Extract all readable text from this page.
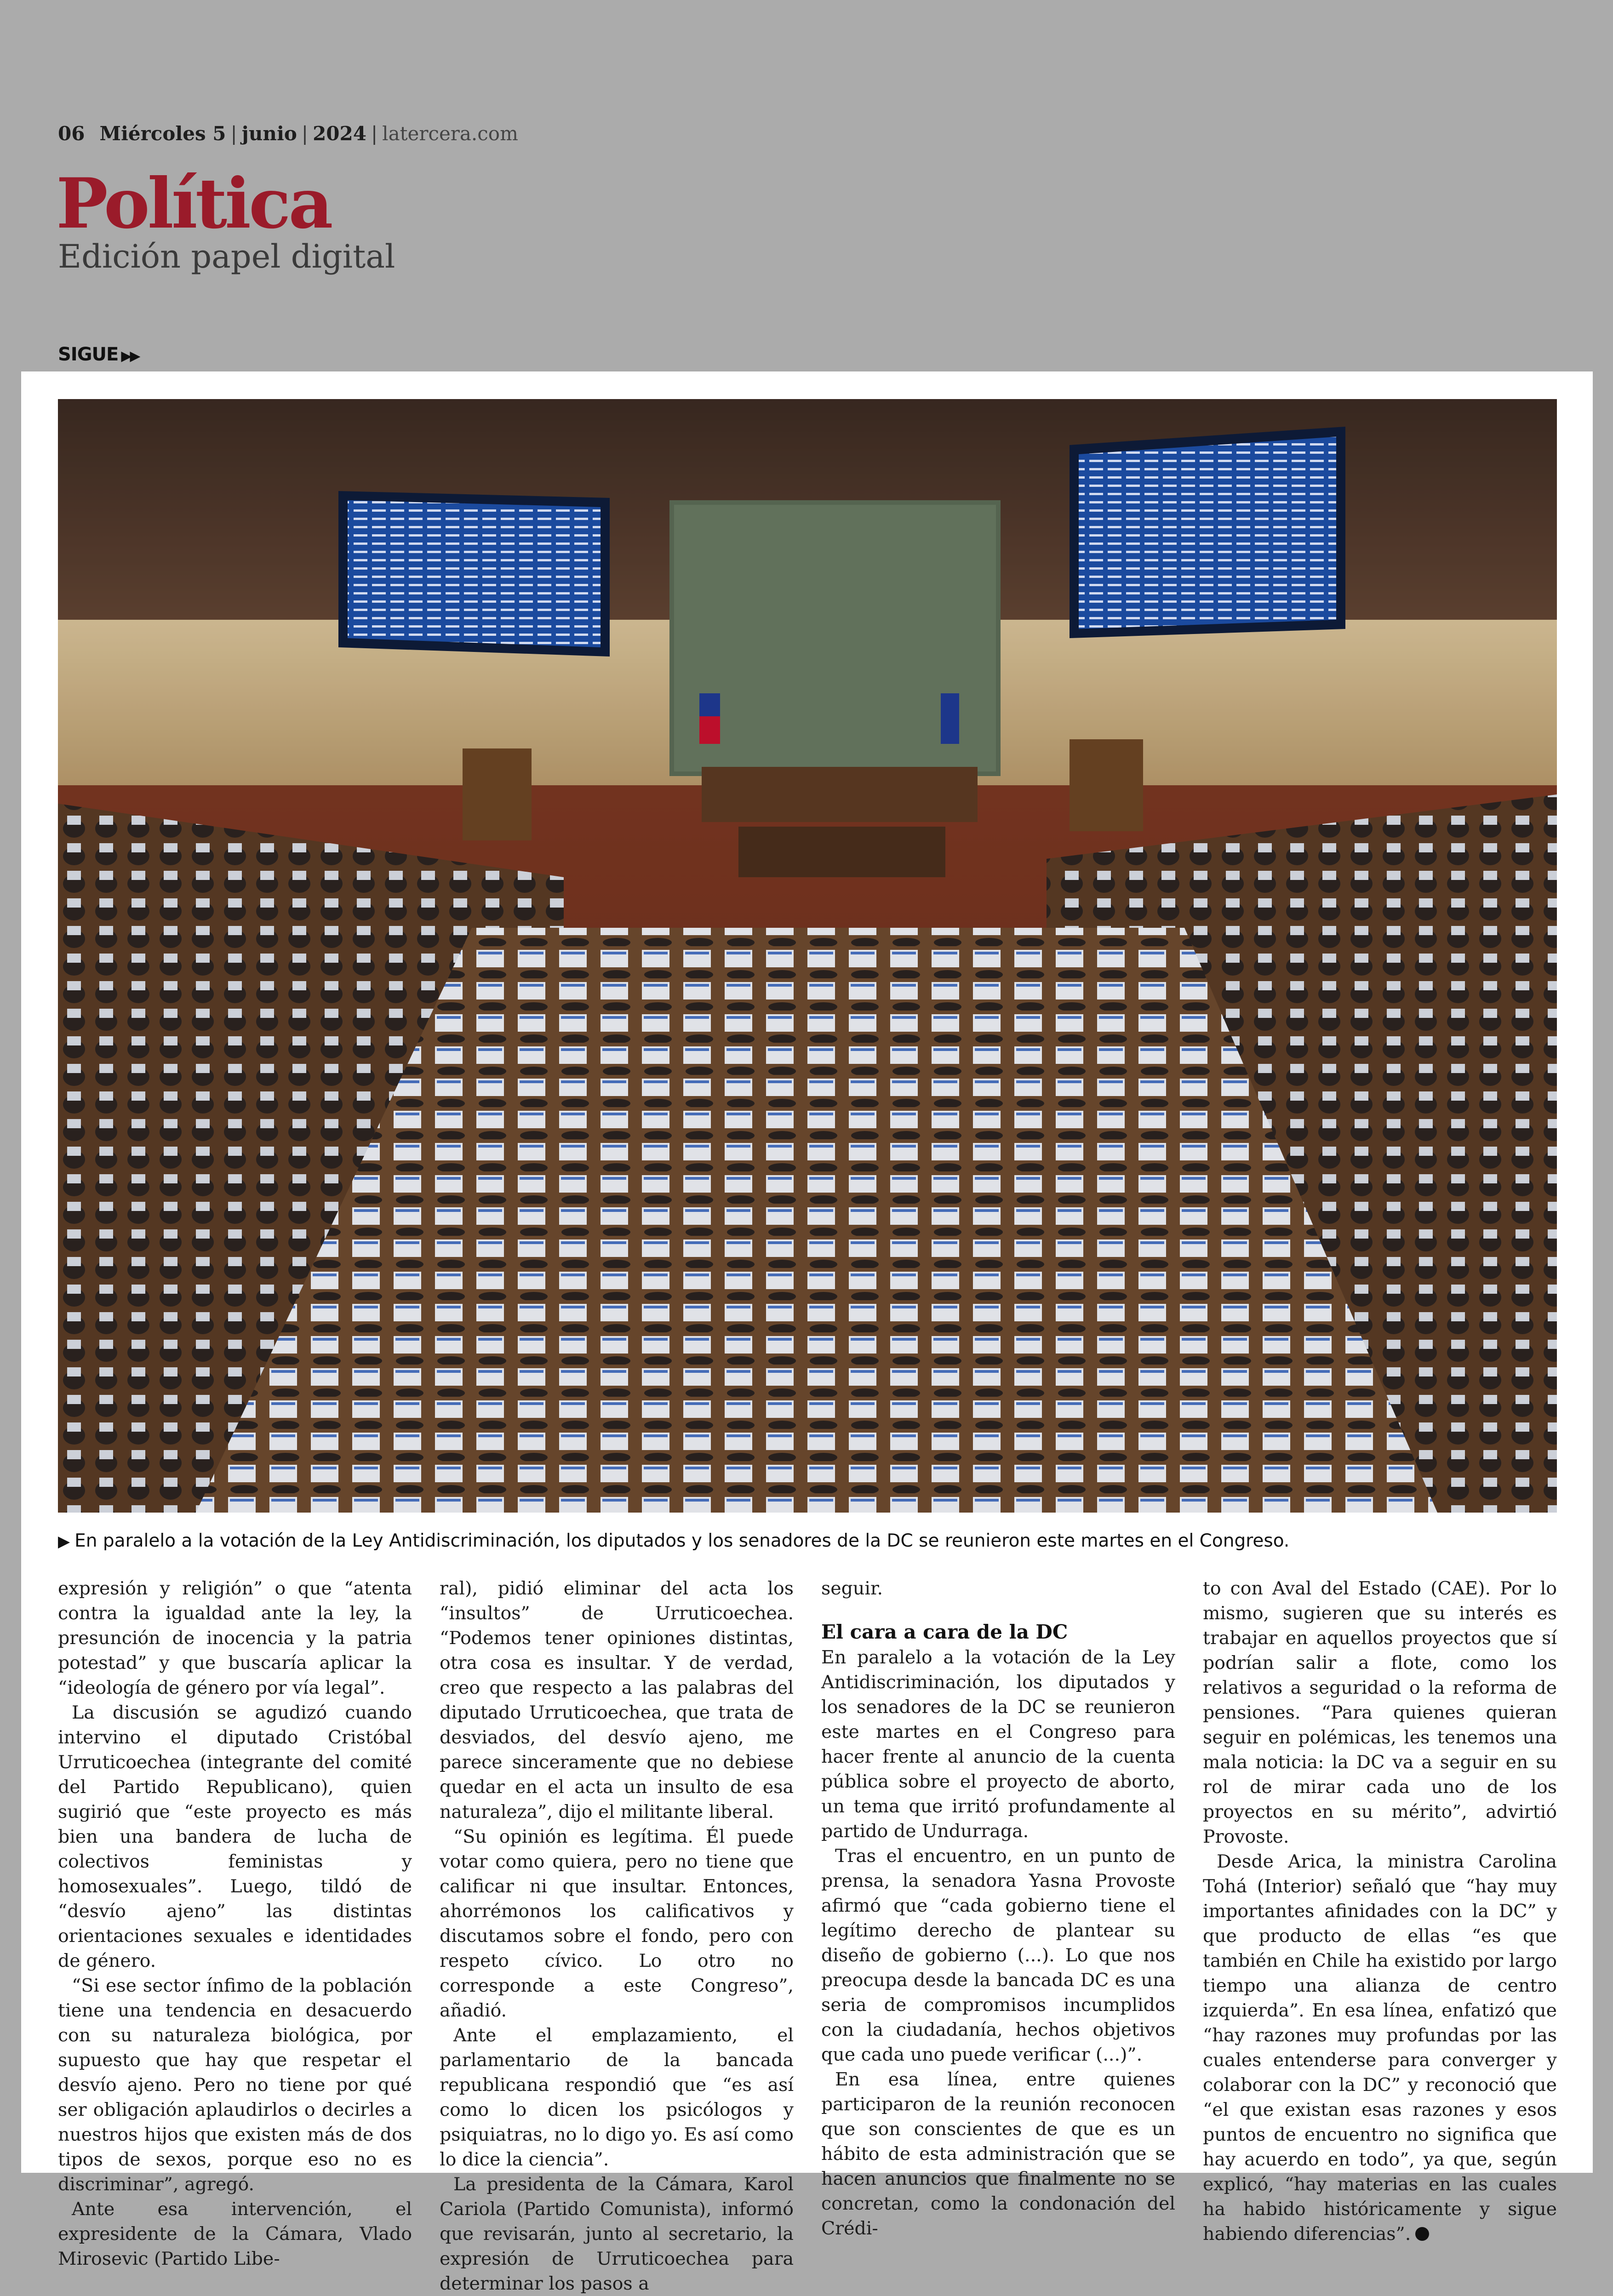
06 Miércoles 5 | junio | 2024 | latercera.com
Política
Edición papel digital
SIGUE ▶▶
▶ En paralelo a la votación de la Ley Antidiscriminación, los diputados y los senadores de la DC se reunieron este martes en el Congreso.

expresión y religión” o que “atenta contra la igualdad ante la ley, la presunción de inocencia y la patria potestad” y que buscaría aplicar la “ideología de género por vía legal”.

La discusión se agudizó cuando intervino el diputado Cristóbal Urruticoechea (integrante del comité del Partido Republicano), quien sugirió que “este proyecto es más bien una bandera de lucha de colectivos feministas y homosexuales”. Luego, tildó de “desvío ajeno” las distintas orientaciones sexuales e identidades de género.

“Si ese sector ínfimo de la población tiene una tendencia en desacuerdo con su naturaleza biológica, por supuesto que hay que respetar el desvío ajeno. Pero no tiene por qué ser obligación aplaudirlos o decirles a nuestros hijos que existen más de dos tipos de sexos, porque eso no es discriminar”, agregó.

Ante esa intervención, el expresidente de la Cámara, Vlado Mirosevic (Partido Libe-

ral), pidió eliminar del acta los “insultos” de Urruticoechea. “Podemos tener opiniones distintas, otra cosa es insultar. Y de verdad, creo que respecto a las palabras del diputado Urruticoechea, que trata de desviados, del desvío ajeno, me parece sinceramente que no debiese quedar en el acta un insulto de esa naturaleza”, dijo el militante liberal.

“Su opinión es legítima. Él puede votar como quiera, pero no tiene que calificar ni que insultar. Entonces, ahorrémonos los calificativos y discutamos sobre el fondo, pero con respeto cívico. Lo otro no corresponde a este Congreso”, añadió.

Ante el emplazamiento, el parlamentario de la bancada republicana respondió que “es así como lo dicen los psicólogos y psiquiatras, no lo digo yo. Es así como lo dice la ciencia”.

La presidenta de la Cámara, Karol Cariola (Partido Comunista), informó que revisarán, junto al secretario, la expresión de Urruticoechea para determinar los pasos a

seguir.

El cara a cara de la DC

En paralelo a la votación de la Ley Antidiscriminación, los diputados y los senadores de la DC se reunieron este martes en el Congreso para hacer frente al anuncio de la cuenta pública sobre el proyecto de aborto, un tema que irritó profundamente al partido de Undurraga.

Tras el encuentro, en un punto de prensa, la senadora Yasna Provoste afirmó que “cada gobierno tiene el legítimo derecho de plantear su diseño de gobierno (...). Lo que nos preocupa desde la bancada DC es una seria de compromisos incumplidos con la ciudadanía, hechos objetivos que cada uno puede verificar (...)”.

En esa línea, entre quienes participaron de la reunión reconocen que son conscientes de que es un hábito de esta administración que se hacen anuncios que finalmente no se concretan, como la condonación del Crédi-

to con Aval del Estado (CAE). Por lo mismo, sugieren que su interés es trabajar en aquellos proyectos que sí podrían salir a flote, como los relativos a seguridad o la reforma de pensiones. “Para quienes quieran seguir en polémicas, les tenemos una mala noticia: la DC va a seguir en su rol de mirar cada uno de los proyectos en su mérito”, advirtió Provoste.

Desde Arica, la ministra Carolina Tohá (Interior) señaló que “hay muy importantes afinidades con la DC” y que producto de ellas “es que también en Chile ha existido por largo tiempo una alianza de centro izquierda”. En esa línea, enfatizó que “hay razones muy profundas por las cuales entenderse para converger y colaborar con la DC” y reconoció que “el que existan esas razones y esos puntos de encuentro no significa que hay acuerdo en todo”, ya que, según explicó, “hay materias en las cuales ha habido históricamente y sigue habiendo diferencias”.
